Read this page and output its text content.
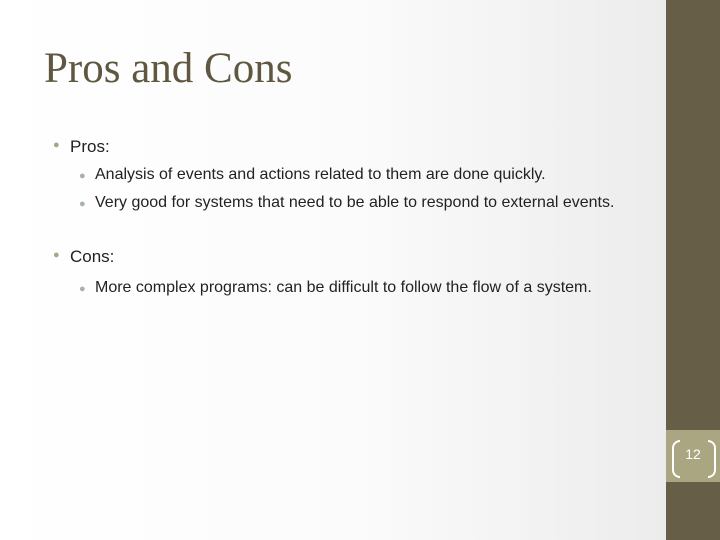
12
Pros and Cons
● Pros:
● Analysis of events and actions related to them are done quickly.
● Very good for systems that need to be able to respond to external events.
● Cons:
● More complex programs: can be difficult to follow the flow of a system.
